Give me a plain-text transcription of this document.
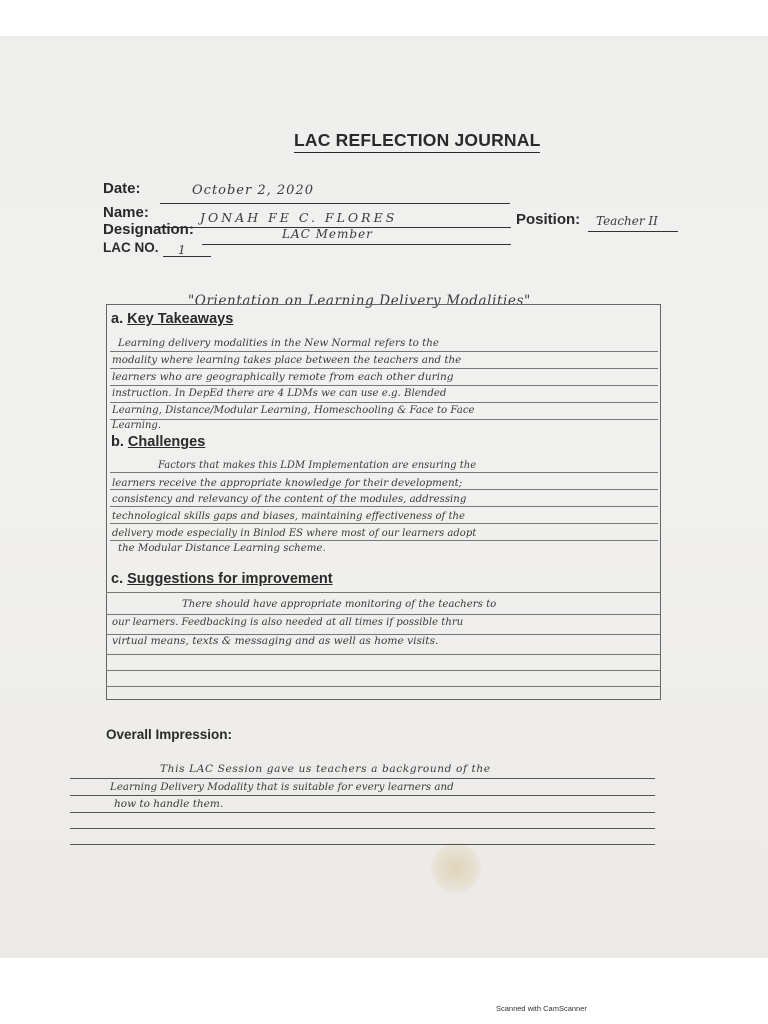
LAC REFLECTION JOURNAL
Date:	October 2, 2020
Name:	JONAH FE C. FLORES
Designation:	LAC Member
LAC NO. 1
Position: Teacher II
"Orientation on Learning Delivery Modalities"
a. Key Takeaways
Learning delivery modalities in the New Normal refers to the
modality where learning takes place between the teachers and the
learners who are geographically remote from each other during
instruction. In DepEd there are 4 LDMs we can use e.g. Blended
Learning, Distance/Modular Learning, Homeschooling & Face to Face
Learning.
b. Challenges
Factors that makes this LDM Implementation are ensuring the
learners receive the appropriate knowledge for their development;
consistency and relevancy of the content of the modules, addressing
technological skills gaps and biases, maintaining effectiveness of the
delivery mode especially in Binlod ES where most of our learners adopt
the Modular Distance Learning scheme.
c. Suggestions for improvement
There should have appropriate monitoring of the teachers to
our learners. Feedbacking is also needed at all times if possible thru
virtual means, texts & messaging and as well as home visits.
Overall Impression:
This LAC Session gave us teachers a background of the
Learning Delivery Modality that is suitable for every learners and
how to handle them.
Scanned with CamScanner
